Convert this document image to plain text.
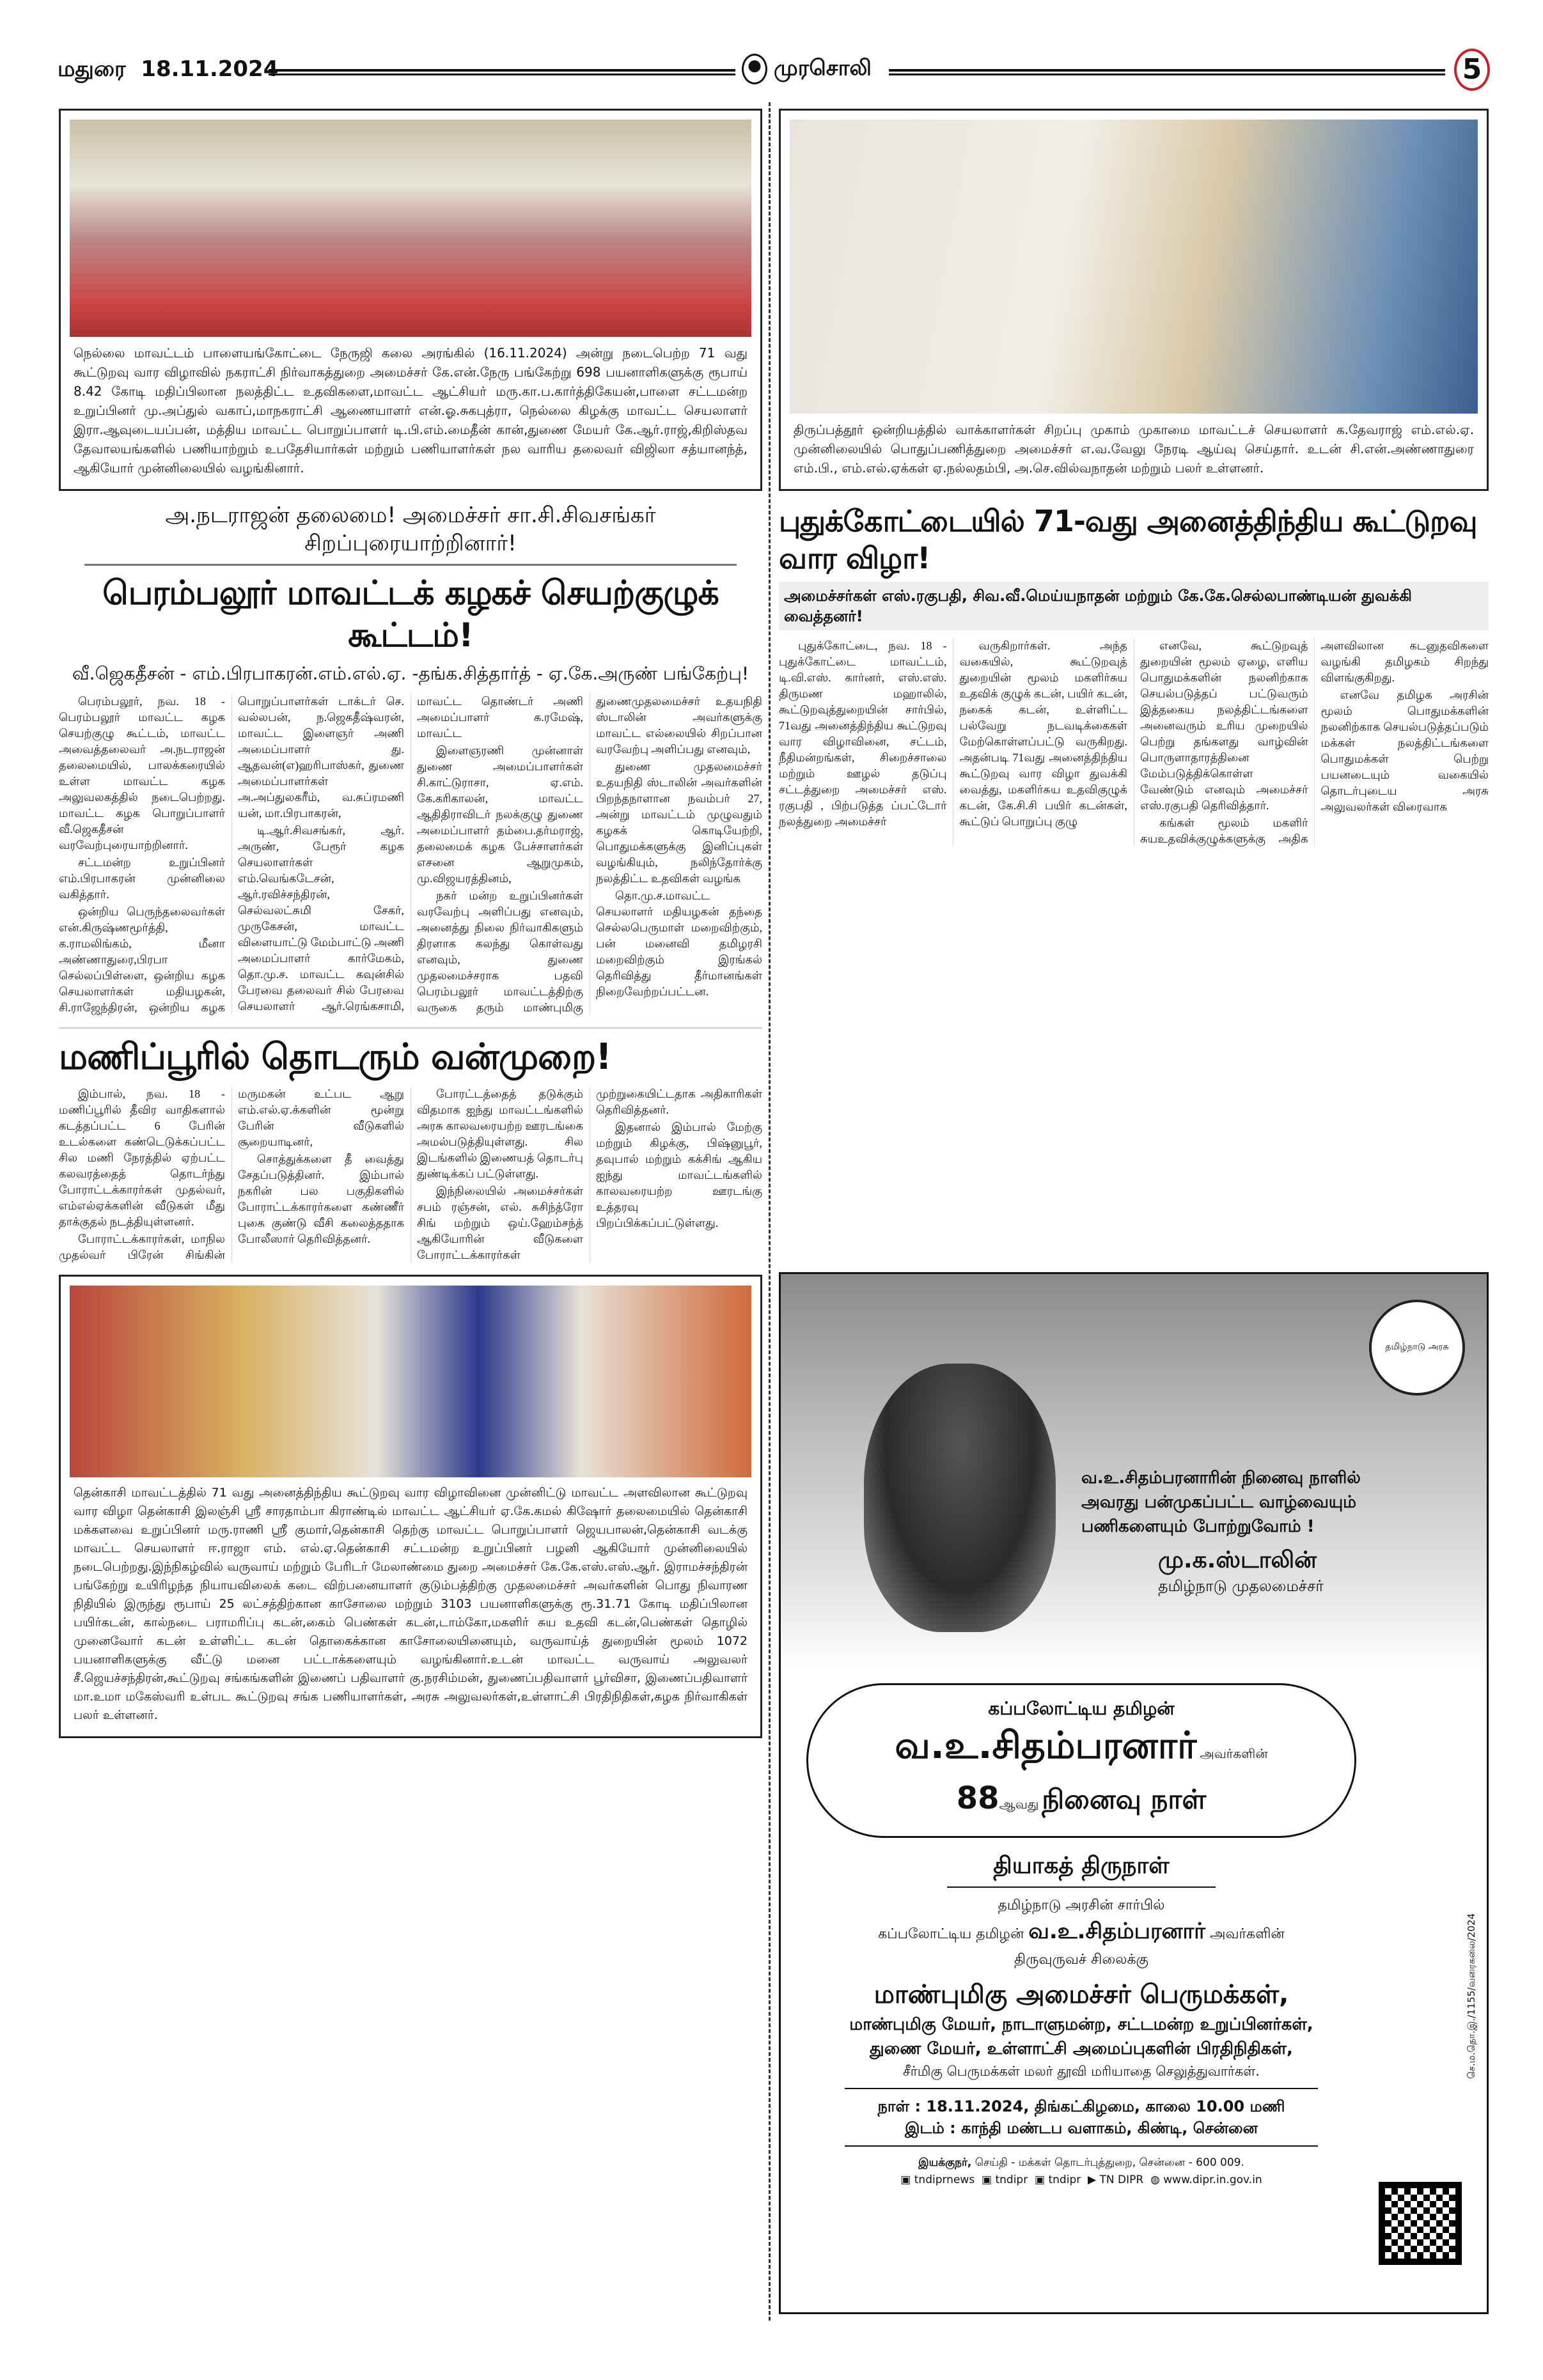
மதுரை 18.11.2024	முரசொலி	5
நெல்லை மாவட்டம் பாளையங்கோட்டை நேருஜி கலை அரங்கில் (16.11.2024) அன்று நடைபெற்ற 71 வது கூட்டுறவு வார விழாவில் நகராட்சி நிர்வாகத்துறை அமைச்சர் கே.என்.நேரு பங்கேற்று 698 பயனாளிகளுக்கு ரூபாய் 8.42 கோடி மதிப்பிலான நலத்திட்ட உதவிகளை,மாவட்ட ஆட்சியர் மரு.கா.ப.கார்த்திகேயன்,பாளை சட்டமன்ற உறுப்பினர் மு.அப்துல் வகாப்,மாநகராட்சி ஆணையாளர் என்.ஓ.சுகபுத்ரா, நெல்லை கிழக்கு மாவட்ட செயலாளர் இரா.ஆவுடையப்பன், மத்திய மாவட்ட பொறுப்பாளர் டி.பி.எம்.மைதீன் கான்,துணை மேயர் கே.ஆர்.ராஜ்,கிறிஸ்தவ தேவாலயங்களில் பணியாற்றும் உபதேசியார்கள் மற்றும் பணியாளர்கள் நல வாரிய தலைவர் விஜிலா சத்யானந்த், ஆகியோர் முன்னிலையில் வழங்கினார்.
அ.நடராஜன் தலைமை! அமைச்சர் சா.சி.சிவசங்கர் சிறப்புரையாற்றினார்!
பெரம்பலூர் மாவட்டக் கழகச் செயற்குழுக் கூட்டம்!
வீ.ஜெகதீசன் - எம்.பிரபாகரன்.எம்.எல்.ஏ. -தங்க.சித்தார்த் - ஏ.கே.அருண் பங்கேற்பு!

பெரம்பலூர், நவ. 18 - பெரம்பலூர் மாவட்ட கழக செயற்குழு கூட்டம், மாவட்ட அவைத்தலைவர் அ.நடராஜன் தலைமையில், பாலக்கரையில் உள்ள மாவட்ட கழக அலுவலகத்தில் நடைபெற்றது. மாவட்ட கழக பொறுப்பாளர் வீ.ஜெகதீசன் வரவேற்புரையாற்றினார்.

சட்டமன்ற உறுப்பினர் எம்.பிரபாகரன் முன்னிலை வகித்தார்.

ஒன்றிய பெருந்தலைவர்கள் என்.கிருஷ்ணமூர்த்தி, க.ராமலிங்கம், மீனா அண்ணாதுரை,பிரபா செல்லப்பிள்ளை, ஒன்றிய கழக செயலாளர்கள் மதியழகன், சி.ராஜேந்திரன், ஒன்றிய கழக பொறுப்பாளர்கள் டாக்டர் செ. வல்லபன், ந.ஜெகதீஷ்வரன், மாவட்ட இளைஞர் அணி அமைப்பாளர் து. ஆதவன்(எ)ஹரிபாஸ்கர், துணை அமைப்பாளர்கள் அ.அப்துலகரீம், வ.சுப்ரமணி யன், மா.பிரபாகரன்,

டி.ஆர்.சிவசங்கர், ஆர். அருண், பேரூர் கழக செயலாளர்கள் எம்.வெங்கடேசன், ஆர்.ரவிச்சந்திரன், செல்வலட்சுமி சேகர், முருகேசன், மாவட்ட விளையாட்டு மேம்பாட்டு அணி அமைப்பாளர் கார்மேகம், தொ.மு.ச. மாவட்ட கவுன்சில் பேரவை தலைவர் சில் பேரவை செயலாளர் ஆர்.ரெங்கசாமி, மாவட்ட தொண்டர் அணி அமைப்பாளர் க.ரமேஷ், மாவட்ட

இளைஞரணி முன்னாள் துணை அமைப்பாளர்கள் சி.காட்டுராசா, ஏ.எம். கே.கரிகாலன், மாவட்ட ஆதிதிராவிடர் நலக்குழு துணை அமைப்பாளர் தம்பை.தர்மராஜ், தலைமைக் கழக பேச்சாளர்கள் எசனை ஆறுமுகம், மு.விஜயரத்தினம்,

நகர் மன்ற உறுப்பினர்கள் வரவேற்பு அளிப்பது எனவும், அனைத்து நிலை நிர்வாகிகளும் திரளாக கலந்து கொள்வது எனவும், துணை முதலமைச்சராக பதவி பெரம்பலூர் மாவட்டத்திற்கு வருகை தரும் மாண்புமிகு துணைமுதலமைச்சர் உதயநிதி ஸ்டாலின் அவர்களுக்கு மாவட்ட எல்லையில் சிறப்பான வரவேற்பு அளிப்பது எனவும்,

துணை முதலமைச்சர் உதயநிதி ஸ்டாலின் அவர்களின் பிறந்தநாளான நவம்பர் 27, அன்று மாவட்டம் முழுவதும் கழகக் கொடியேற்றி, பொதுமக்களுக்கு இனிப்புகள் வழங்கியும், நலிந்தோர்க்கு நலத்திட்ட உதவிகள் வழங்க

தொ.மு.ச.மாவட்ட செயலாளர் மதியழகன் தந்தை செல்லபெருமாள் மறைவிற்கும், பன் மனைவி தமிழரசி மறைவிற்கும் இரங்கல் தெரிவித்து தீர்மானங்கள் நிறைவேற்றப்பட்டன.

மணிப்பூரில் தொடரும் வன்முறை!

இம்பால், நவ. 18 - மணிப்பூரில் தீவிர வாதிகளால் கடத்தப்பட்ட 6 பேரின் உடல்களை கண்டெடுக்கப்பட்ட சில மணி நேரத்தில் ஏற்பட்ட கலவரத்தைத் தொடர்ந்து போராட்டக்காரர்கள் முதல்வர், எம்எல்ஏக்களின் வீடுகள் மீது தாக்குதல் நடத்தியுள்ளனர்.

போராட்டக்காரர்கள், மாநில முதல்வர் பிரேன் சிங்கின் மருமகன் உட்பட ஆறு எம்.எல்.ஏ.க்களின் மூன்று பேரின் வீடுகளில் சூறையாடினர்,

சொத்துக்களை தீ வைத்து சேதப்படுத்தினர். இம்பால் நகரின் பல பகுதிகளில் போராட்டக்காரர்களை கண்ணீர் புகை குண்டு வீசி கலைத்ததாக போலீஸார் தெரிவித்தனர்.

போரட்டத்தைத் தடுக்கும் விதமாக ஐந்து மாவட்டங்களில் அரசு காலவரையற்ற ஊரடங்கை அமல்படுத்தியுள்ளது. சில இடங்களில் இணையத் தொடர்பு துண்டிக்கப் பட்டுள்ளது.

இந்நிலையில் அமைச்சர்கள் சபம் ரஞ்சன், எல். சுசிந்த்ரோ சிங் மற்றும் ஒய்.ஹேம்சந்த் ஆகியோரின் வீடுகளை போராட்டக்காரர்கள் முற்றுகையிட்டதாக அதிகாரிகள் தெரிவித்தனர்.

இதனால் இம்பால் மேற்கு மற்றும் கிழக்கு, பிஷ்னுபூர், தவுபால் மற்றும் கக்சிங் ஆகிய ஐந்து மாவட்டங்களில் காலவரையற்ற ஊரடங்கு உத்தரவு பிறப்பிக்கப்பட்டுள்ளது.

தென்காசி மாவட்டத்தில் 71 வது அனைத்திந்திய கூட்டுறவு வார விழாவினை முன்னிட்டு மாவட்ட அளவிலான கூட்டுறவு வார விழா தென்காசி இலஞ்சி ஸ்ரீ சாரதாம்பா கிராண்டில் மாவட்ட ஆட்சியர் ஏ.கே.கமல் கிஷோர் தலைமையில் தென்காசி மக்களவை உறுப்பினர் மரு.ராணி ஸ்ரீ குமார்,தென்காசி தெற்கு மாவட்ட பொறுப்பாளர் ஜெயபாலன்,தென்காசி வடக்கு மாவட்ட செயலாளர் ஈ.ராஜா எம். எல்.ஏ.தென்காசி சட்டமன்ற உறுப்பினர் பழனி ஆகியோர் முன்னிலையில் நடைபெற்றது.இந்நிகழ்வில் வருவாய் மற்றும் பேரிடர் மேலாண்மை துறை அமைச்சர் கே.கே.எஸ்.எஸ்.ஆர். இராமச்சந்திரன் பங்கேற்று உயிரிழந்த நியாயவிலைக் கடை விற்பனையாளர் குடும்பத்திற்கு முதலமைச்சர் அவர்களின் பொது நிவாரண நிதியில் இருந்து ரூபாய் 25 லட்சத்திற்கான காசோலை மற்றும் 3103 பயனாளிகளுக்கு ரூ.31.71 கோடி மதிப்பிலான பயிர்கடன், கால்நடை பராமரிப்பு கடன்,கைம் பெண்கள் கடன்,டாம்கோ,மகளிர் சுய உதவி கடன்,பெண்கள் தொழில் முனைவோர் கடன் உள்ளிட்ட கடன் தொகைக்கான காசோலையினையும், வருவாய்த் துறையின் மூலம் 1072 பயனாளிகளுக்கு வீட்டு மனை பட்டாக்களையும் வழங்கினார்.உடன் மாவட்ட வருவாய் அலுவலர் சீ.ஜெயச்சந்திரன்,கூட்டுறவு சங்கங்களின் இணைப் பதிவாளர் கு.நரசிம்மன், துணைப்பதிவாளர் பூர்விசா, இணைப்பதிவாளர் மா.உமா மகேஸ்வரி உள்பட கூட்டுறவு சங்க பணியாளர்கள், அரசு அலுவலர்கள்,உள்ளாட்சி பிரதிநிதிகள்,கழக நிர்வாகிகள் பலர் உள்ளனர்.
திருப்பத்தூர் ஒன்றியத்தில் வாக்காளர்கள் சிறப்பு முகாம் முகாமை மாவட்டச் செயலாளர் க.தேவராஜ் எம்.எல்.ஏ. முன்னிலையில் பொதுப்பணித்துறை அமைச்சர் எ.வ.வேலு நேரடி ஆய்வு செய்தார். உடன் சி.என்.அண்ணாதுரை எம்.பி., எம்.எல்.ஏக்கள் ஏ.நல்லதம்பி, அ.செ.வில்வநாதன் மற்றும் பலர் உள்ளனர்.
புதுக்கோட்டையில் 71-வது அனைத்திந்திய கூட்டுறவு வார விழா!
அமைச்சர்கள் எஸ்.ரகுபதி, சிவ.வீ.மெய்யநாதன் மற்றும் கே.கே.செல்லபாண்டியன் துவக்கி வைத்தனர்!

புதுக்கோட்டை, நவ. 18 - புதுக்கோட்டை மாவட்டம், டி.வி.எஸ். கார்னர், எஸ்.எஸ். திருமண மஹாலில், கூட்டுறவுத்துறையின் சார்பில், 71வது அனைத்திந்திய கூட்டுறவு வார விழாவினை, சட்டம், நீதிமன்றங்கள், சிறைச்சாலை மற்றும் ஊழல் தடுப்பு சட்டத்துறை அமைச்சர் எஸ். ரகுபதி , பிற்படுத்த ப்பட்டோர் நலத்துறை அமைச்சர்

வருகிறார்கள். அந்த வகையில், கூட்டுறவுத் துறையின் மூலம் மகளிர்சுய உதவிக் குழுக் கடன், பயிர் கடன், நகைக் கடன், உள்ளிட்ட பல்வேறு நடவடிக்கைகள் மேற்கொள்ளப்பட்டு வருகிறது. அதன்படி 71வது அனைத்திந்திய கூட்டுறவு வார விழா துவக்கி வைத்து, மகளிர்சுய உதவிகுழுக் கடன், கே.சி.சி பயிர் கடன்கள், கூட்டுப் பொறுப்பு குழு

எனவே, கூட்டுறவுத் துறையின் மூலம் ஏழை, எளிய பொதுமக்களின் நலனிற்காக செயல்படுத்தப் பட்டுவரும் இத்தகைய நலத்திட்டங்களை அனைவரும் உரிய முறையில் பெற்று தங்களது வாழ்வின் பொருளாதாரத்தினை மேம்படுத்திக்கொள்ள வேண்டும் எனவும் அமைச்சர் எஸ்.ரகுபதி தெரிவித்தார்.

கங்கள் மூலம் மகளிர் சுயஉதவிக்குழுக்களுக்கு அதிக அளவிலான கடனுதவிகளை வழங்கி தமிழகம் சிறந்து விளங்குகிறது.

எனவே தமிழக அரசின் மூலம் பொதுமக்களின் நலனிற்காக செயல்படுத்தப்படும் மக்கள் நலத்திட்டங்களை பொதுமக்கள் பெற்று பயனடையும் வகையில் தொடர்புடைய அரசு அலுவலர்கள் விரைவாக

தமிழ்நாடு அரசு
வ.உ.சிதம்பரனாரின் நினைவு நாளில்
அவரது பன்முகப்பட்ட வாழ்வையும்
பணிகளையும் போற்றுவோம் !
மு.க.ஸ்டாலின்
தமிழ்நாடு முதலமைச்சர்
கப்பலோட்டிய தமிழன்
வ.உ.சிதம்பரனார் அவர்களின்
88ஆவது நினைவு நாள்
தியாகத் திருநாள்
தமிழ்நாடு அரசின் சார்பில்
கப்பலோட்டிய தமிழன் வ.உ.சிதம்பரனார் அவர்களின்
திருவுருவச் சிலைக்கு
மாண்புமிகு அமைச்சர் பெருமக்கள்,
மாண்புமிகு மேயர், நாடாளுமன்ற, சட்டமன்ற உறுப்பினர்கள்,
துணை மேயர், உள்ளாட்சி அமைப்புகளின் பிரதிநிதிகள்,
சீர்மிகு பெருமக்கள் மலர் தூவி மரியாதை செலுத்துவார்கள்.
நாள் : 18.11.2024, திங்கட்கிழமை, காலை 10.00 மணி
இடம் : காந்தி மண்டப வளாகம், கிண்டி, சென்னை
இயக்குநர், செய்தி - மக்கள் தொடர்புத்துறை, சென்னை - 600 009.
▣ tndiprnews ▣ tndipr ▣ tndipr ▶ TN DIPR ◍ www.dipr.in.gov.in
செ.ம.தொ.இ./1155/வரைகலை/2024
